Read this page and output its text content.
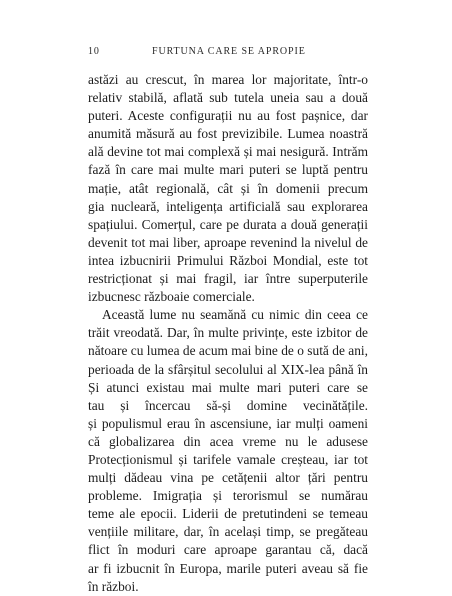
10	FURTUNA CARE SE APROPIE
astăzi au crescut, în marea lor majoritate, într-o
relativ stabilă, aflată sub tutela uneia sau a două
puteri. Aceste configurații nu au fost pașnice, dar
anumită măsură au fost previzibile. Lumea noastră
ală devine tot mai complexă și mai nesigură. Intrăm
fază în care mai multe mari puteri se luptă pentru
mație, atât regională, cât și în domenii precum
gia nucleară, inteligența artificială sau explorarea
spațiului. Comerțul, care pe durata a două generații
devenit tot mai liber, aproape revenind la nivelul de
intea izbucnirii Primului Război Mondial, este tot
restricționat și mai fragil, iar între superputerile
izbucnesc războaie comerciale.
Această lume nu seamănă cu nimic din ceea ce
trăit vreodată. Dar, în multe privințe, este izbitor de
nătoare cu lumea de acum mai bine de o sută de ani,
perioada de la sfârșitul secolului al XIX-lea până în
Și atunci existau mai multe mari puteri care se
tau și încercau să-și domine vecinătățile.
și populismul erau în ascensiune, iar mulți oameni
că globalizarea din acea vreme nu le adusese
Protecționismul și tarifele vamale creșteau, iar tot
mulți dădeau vina pe cetățenii altor țări pentru
probleme. Imigrația și terorismul se numărau
teme ale epocii. Liderii de pretutindeni se temeau
vențiile militare, dar, în același timp, se pregăteau
flict în moduri care aproape garantau că, dacă
ar fi izbucnit în Europa, marile puteri aveau să fie
în război.
